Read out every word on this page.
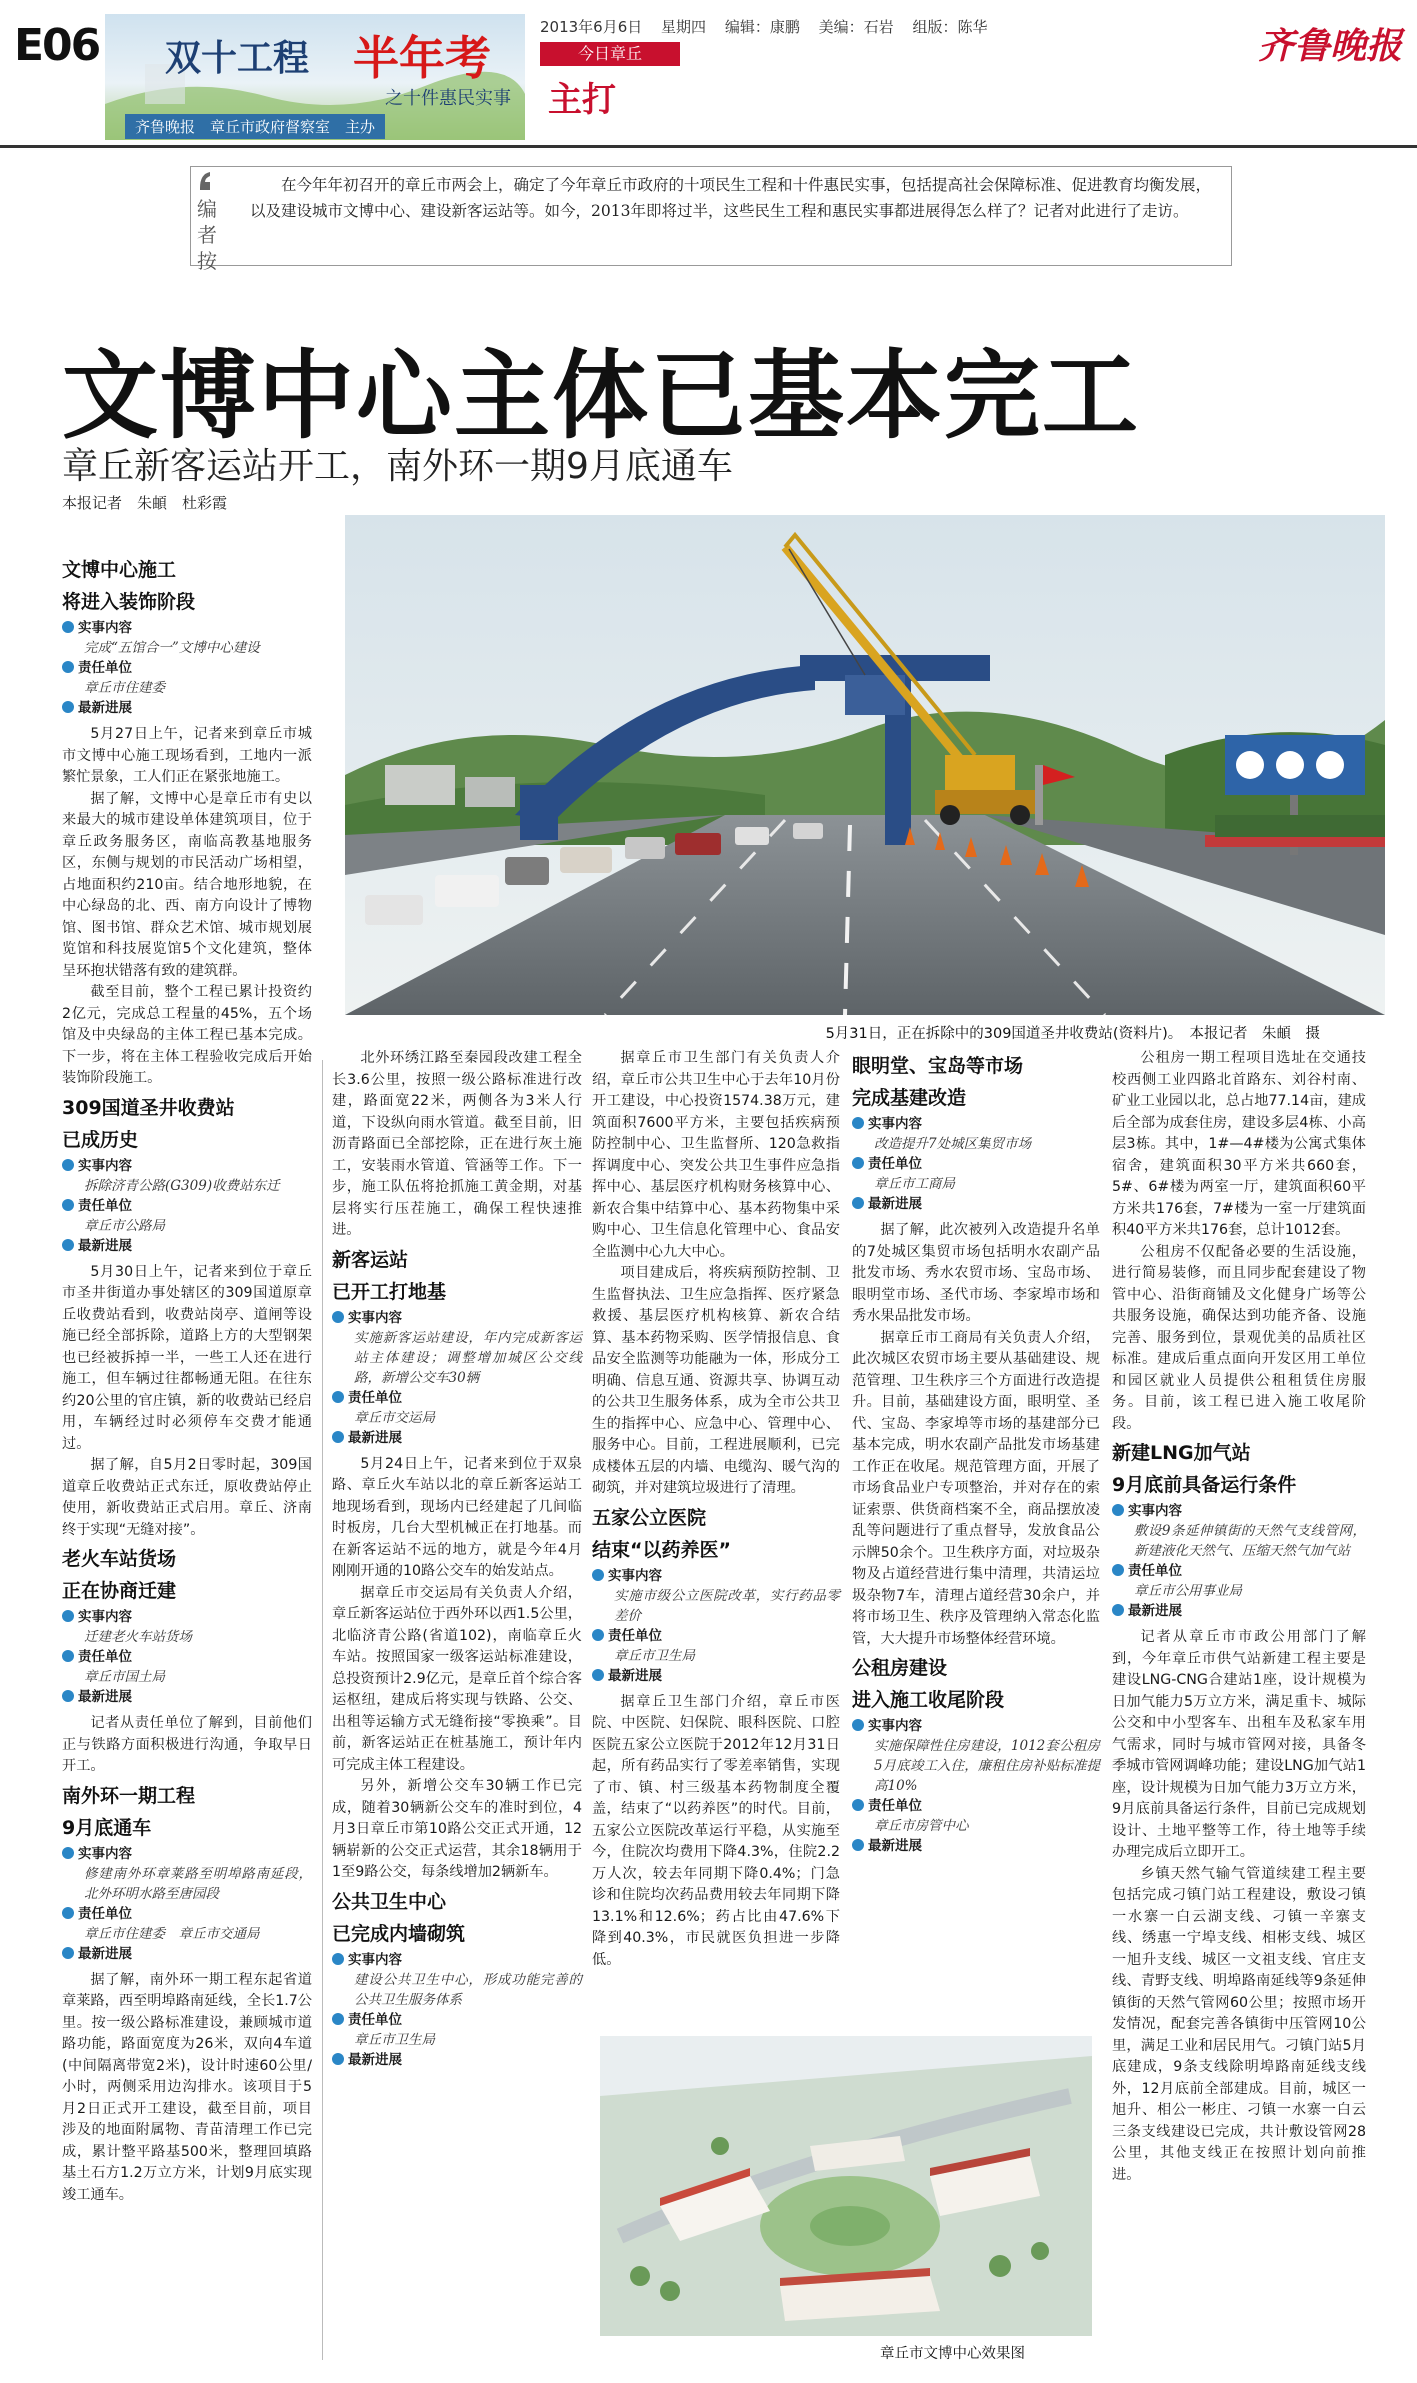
E06 双十工程 半年考
之十件惠民实事
齐鲁晚报　章丘市政府督察室　主办
2013年6月6日 星期四 编辑：康鹏 美编：石岩 组版：陈华
今日章丘
主打
齐鲁晚报
编者按
在今年年初召开的章丘市两会上，确定了今年章丘市政府的十项民生工程和十件惠民实事，包括提高社会保障标准、促进教育均衡发展，以及建设城市文博中心、建设新客运站等。如今，2013年即将过半，这些民生工程和惠民实事都进展得怎么样了？记者对此进行了走访。
文博中心主体已基本完工
章丘新客运站开工，南外环一期9月底通车
本报记者　朱頔　杜彩霞
5月31日，正在拆除中的309国道圣井收费站(资料片)。　本报记者　朱頔　摄
文博中心施工
将进入装饰阶段
实事内容
完成“五馆合一”文博中心建设
责任单位
章丘市住建委
最新进展

5月27日上午，记者来到章丘市城市文博中心施工现场看到，工地内一派繁忙景象，工人们正在紧张地施工。

据了解，文博中心是章丘市有史以来最大的城市建设单体建筑项目，位于章丘政务服务区，南临高教基地服务区，东侧与规划的市民活动广场相望，占地面积约210亩。结合地形地貌，在中心绿岛的北、西、南方向设计了博物馆、图书馆、群众艺术馆、城市规划展览馆和科技展览馆5个文化建筑，整体呈环抱状错落有致的建筑群。

截至目前，整个工程已累计投资约2亿元，完成总工程量的45%，五个场馆及中央绿岛的主体工程已基本完成。下一步，将在主体工程验收完成后开始装饰阶段施工。

309国道圣井收费站
已成历史
实事内容
拆除济青公路(G309)收费站东迁
责任单位
章丘市公路局
最新进展

5月30日上午，记者来到位于章丘市圣井街道办事处辖区的309国道原章丘收费站看到，收费站岗亭、道闸等设施已经全部拆除，道路上方的大型钢架也已经被拆掉一半，一些工人还在进行施工，但车辆过往都畅通无阻。在往东约20公里的官庄镇，新的收费站已经启用，车辆经过时必须停车交费才能通过。

据了解，自5月2日零时起，309国道章丘收费站正式东迁，原收费站停止使用，新收费站正式启用。章丘、济南终于实现“无缝对接”。

老火车站货场
正在协商迁建
实事内容
迁建老火车站货场
责任单位
章丘市国土局
最新进展

记者从责任单位了解到，目前他们正与铁路方面积极进行沟通，争取早日开工。

南外环一期工程
9月底通车
实事内容
修建南外环章莱路至明埠路南延段，北外环明水路至唐园段
责任单位
章丘市住建委　章丘市交通局
最新进展

据了解，南外环一期工程东起省道章莱路，西至明埠路南延线，全长1.7公里。按一级公路标准建设，兼顾城市道路功能，路面宽度为26米，双向4车道(中间隔离带宽2米)，设计时速60公里/小时，两侧采用边沟排水。该项目于5月2日正式开工建设，截至目前，项目涉及的地面附属物、青苗清理工作已完成，累计整平路基500米，整理回填路基土石方1.2万立方米，计划9月底实现竣工通车。

北外环绣江路至秦园段改建工程全长3.6公里，按照一级公路标准进行改建，路面宽22米，两侧各为3米人行道，下设纵向雨水管道。截至目前，旧沥青路面已全部挖除，正在进行灰土施工，安装雨水管道、管涵等工作。下一步，施工队伍将抢抓施工黄金期，对基层将实行压茬施工，确保工程快速推进。

新客运站
已开工打地基
实事内容
实施新客运站建设，年内完成新客运站主体建设；调整增加城区公交线路，新增公交车30辆
责任单位
章丘市交运局
最新进展

5月24日上午，记者来到位于双泉路、章丘火车站以北的章丘新客运站工地现场看到，现场内已经建起了几间临时板房，几台大型机械正在打地基。而在新客运站不远的地方，就是今年4月刚刚开通的10路公交车的始发站点。

据章丘市交运局有关负责人介绍，章丘新客运站位于西外环以西1.5公里，北临济青公路(省道102)，南临章丘火车站。按照国家一级客运站标准建设，总投资预计2.9亿元，是章丘首个综合客运枢纽，建成后将实现与铁路、公交、出租等运输方式无缝衔接“零换乘”。目前，新客运站正在桩基施工，预计年内可完成主体工程建设。

另外，新增公交车30辆工作已完成，随着30辆新公交车的准时到位，4月3日章丘市第10路公交正式开通，12辆崭新的公交正式运营，其余18辆用于1至9路公交，每条线增加2辆新车。

公共卫生中心
已完成内墙砌筑
实事内容
建设公共卫生中心，形成功能完善的公共卫生服务体系
责任单位
章丘市卫生局
最新进展

据章丘市卫生部门有关负责人介绍，章丘市公共卫生中心于去年10月份开工建设，中心投资1574.38万元，建筑面积7600平方米，主要包括疾病预防控制中心、卫生监督所、120急救指挥调度中心、突发公共卫生事件应急指挥中心、基层医疗机构财务核算中心、新农合集中结算中心、基本药物集中采购中心、卫生信息化管理中心、食品安全监测中心九大中心。

项目建成后，将疾病预防控制、卫生监督执法、卫生应急指挥、医疗紧急救援、基层医疗机构核算、新农合结算、基本药物采购、医学情报信息、食品安全监测等功能融为一体，形成分工明确、信息互通、资源共享、协调互动的公共卫生服务体系，成为全市公共卫生的指挥中心、应急中心、管理中心、服务中心。目前，工程进展顺利，已完成楼体五层的内墙、电缆沟、暖气沟的砌筑，并对建筑垃圾进行了清理。

五家公立医院
结束“以药养医”
实事内容
实施市级公立医院改革，实行药品零差价
责任单位
章丘市卫生局
最新进展

据章丘卫生部门介绍，章丘市医院、中医院、妇保院、眼科医院、口腔医院五家公立医院于2012年12月31日起，所有药品实行了零差率销售，实现了市、镇、村三级基本药物制度全覆盖，结束了“以药养医”的时代。目前，五家公立医院改革运行平稳，从实施至今，住院次均费用下降4.3%，住院2.2万人次，较去年同期下降0.4%；门急诊和住院均次药品费用较去年同期下降13.1%和12.6%；药占比由47.6%下降到40.3%，市民就医负担进一步降低。

眼明堂、宝岛等市场
完成基建改造
实事内容
改造提升7处城区集贸市场
责任单位
章丘市工商局
最新进展

据了解，此次被列入改造提升名单的7处城区集贸市场包括明水农副产品批发市场、秀水农贸市场、宝岛市场、眼明堂市场、圣代市场、李家埠市场和秀水果品批发市场。

据章丘市工商局有关负责人介绍，此次城区农贸市场主要从基础建设、规范管理、卫生秩序三个方面进行改造提升。目前，基础建设方面，眼明堂、圣代、宝岛、李家埠等市场的基建部分已基本完成，明水农副产品批发市场基建工作正在收尾。规范管理方面，开展了市场食品业户专项整治，并对存在的索证索票、供货商档案不全，商品摆放凌乱等问题进行了重点督导，发放食品公示牌50余个。卫生秩序方面，对垃圾杂物及占道经营进行集中清理，共清运垃圾杂物7车，清理占道经营30余户，并将市场卫生、秩序及管理纳入常态化监管，大大提升市场整体经营环境。

公租房建设
进入施工收尾阶段
实事内容
实施保障性住房建设，1012套公租房5月底竣工入住，廉租住房补贴标准提高10%
责任单位
章丘市房管中心
最新进展

公租房一期工程项目选址在交通技校西侧工业四路北首路东、刘谷村南、矿业工业园以北，总占地77.14亩，建成后全部为成套住房，建设多层4栋、小高层3栋。其中，1#—4#楼为公寓式集体宿舍，建筑面积30平方米共660套，5#、6#楼为两室一厅，建筑面积60平方米共176套，7#楼为一室一厅建筑面积40平方米共176套，总计1012套。

公租房不仅配备必要的生活设施，进行简易装修，而且同步配套建设了物管中心、沿街商铺及文化健身广场等公共服务设施，确保达到功能齐备、设施完善、服务到位，景观优美的品质社区标准。建成后重点面向开发区用工单位和园区就业人员提供公租租赁住房服务。目前，该工程已进入施工收尾阶段。

新建LNG加气站
9月底前具备运行条件
实事内容
敷设9条延伸镇街的天然气支线管网，新建液化天然气、压缩天然气加气站
责任单位
章丘市公用事业局
最新进展

记者从章丘市市政公用部门了解到，今年章丘市供气站新建工程主要是建设LNG-CNG合建站1座，设计规模为日加气能力5万立方米，满足重卡、城际公交和中小型客车、出租车及私家车用气需求，同时与城市管网对接，具备冬季城市管网调峰功能；建设LNG加气站1座，设计规模为日加气能力3万立方米，9月底前具备运行条件，目前已完成规划设计、土地平整等工作，待土地等手续办理完成后立即开工。

乡镇天然气输气管道续建工程主要包括完成刁镇门站工程建设，敷设刁镇一水寨一白云湖支线、刁镇一辛寨支线、绣惠一宁埠支线、相彬支线、城区一旭升支线、城区一文祖支线、官庄支线、青野支线、明埠路南延线等9条延伸镇街的天然气管网60公里；按照市场开发情况，配套完善各镇街中压管网10公里，满足工业和居民用气。刁镇门站5月底建成，9条支线除明埠路南延线支线外，12月底前全部建成。目前，城区一旭升、相公一彬庄、刁镇一水寨一白云三条支线建设已完成，共计敷设管网28公里，其他支线正在按照计划向前推进。

章丘市文博中心效果图
